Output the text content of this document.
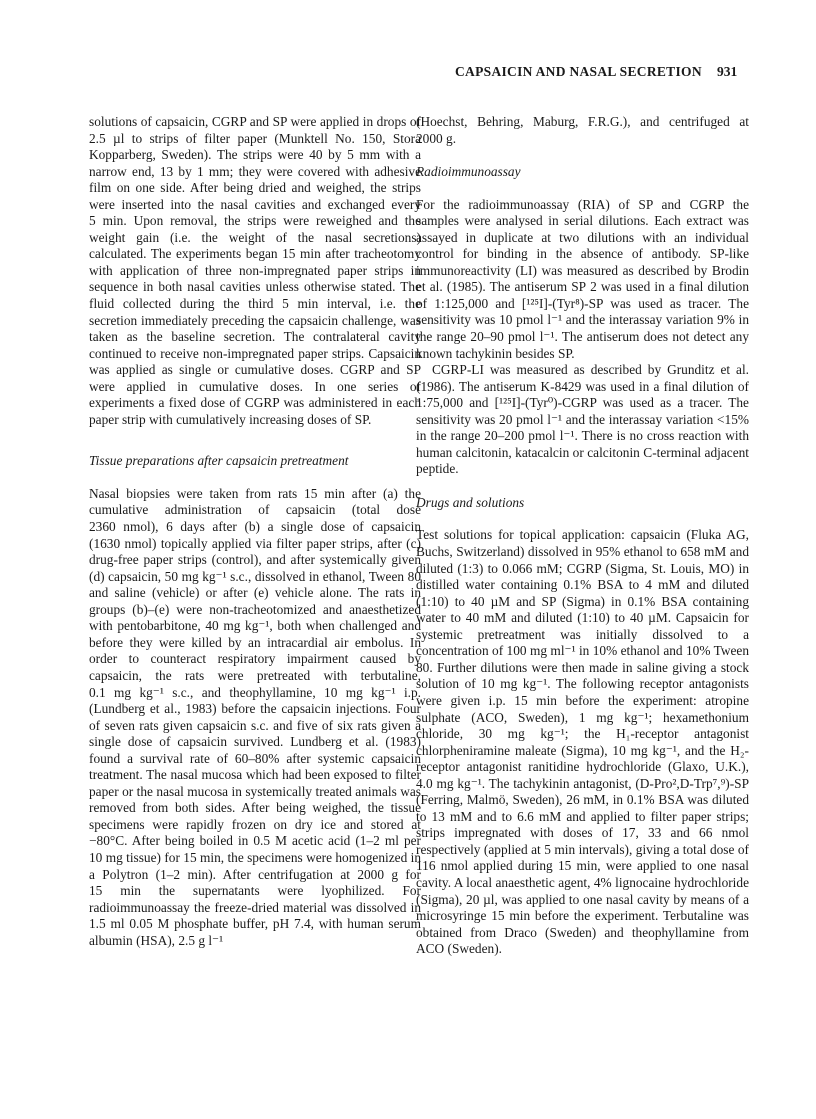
CAPSAICIN AND NASAL SECRETION 931

solutions of capsaicin, CGRP and SP were applied in drops of 2.5 µl to strips of filter paper (Munktell No. 150, Stora Kopparberg, Sweden). The strips were 40 by 5 mm with a narrow end, 13 by 1 mm; they were covered with adhesive film on one side. After being dried and weighed, the strips were inserted into the nasal cavities and exchanged every 5 min. Upon removal, the strips were reweighed and the weight gain (i.e. the weight of the nasal secretions) calculated. The experiments began 15 min after tracheotomy with application of three non-impregnated paper strips in sequence in both nasal cavities unless otherwise stated. The fluid collected during the third 5 min interval, i.e. the secretion immediately preceding the capsaicin challenge, was taken as the baseline secretion. The contralateral cavity continued to receive non-impregnated paper strips. Capsaicin was applied as single or cumulative doses. CGRP and SP were applied in cumulative doses. In one series of experiments a fixed dose of CGRP was administered in each paper strip with cumulatively increasing doses of SP.

Tissue preparations after capsaicin pretreatment

Nasal biopsies were taken from rats 15 min after (a) the cumulative administration of capsaicin (total dose 2360 nmol), 6 days after (b) a single dose of capsaicin (1630 nmol) topically applied via filter paper strips, after (c) drug-free paper strips (control), and after systemically given (d) capsaicin, 50 mg kg⁻¹ s.c., dissolved in ethanol, Tween 80 and saline (vehicle) or after (e) vehicle alone. The rats in groups (b)–(e) were non-tracheotomized and anaesthetized with pentobarbitone, 40 mg kg⁻¹, both when challenged and before they were killed by an intracardial air embolus. In order to counteract respiratory impairment caused by capsaicin, the rats were pretreated with terbutaline, 0.1 mg kg⁻¹ s.c., and theophyllamine, 10 mg kg⁻¹ i.p. (Lundberg et al., 1983) before the capsaicin injections. Four of seven rats given capsaicin s.c. and five of six rats given a single dose of capsaicin survived. Lundberg et al. (1983) found a survival rate of 60–80% after systemic capsaicin treatment. The nasal mucosa which had been exposed to filter paper or the nasal mucosa in systemically treated animals was removed from both sides. After being weighed, the tissue specimens were rapidly frozen on dry ice and stored at −80°C. After being boiled in 0.5 M acetic acid (1–2 ml per 10 mg tissue) for 15 min, the specimens were homogenized in a Polytron (1–2 min). After centrifugation at 2000 g for 15 min the supernatants were lyophilized. For radioimmunoassay the freeze-dried material was dissolved in 1.5 ml 0.05 M phosphate buffer, pH 7.4, with human serum albumin (HSA), 2.5 g l⁻¹

(Hoechst, Behring, Maburg, F.R.G.), and centrifuged at 2000 g.

Radioimmunoassay

For the radioimmunoassay (RIA) of SP and CGRP the samples were analysed in serial dilutions. Each extract was assayed in duplicate at two dilutions with an individual control for binding in the absence of antibody. SP-like immunoreactivity (LI) was measured as described by Brodin et al. (1985). The antiserum SP 2 was used in a final dilution of 1:125,000 and [¹²⁵I]-(Tyr⁸)-SP was used as tracer. The sensitivity was 10 pmol l⁻¹ and the interassay variation 9% in the range 20–90 pmol l⁻¹. The antiserum does not detect any known tachykinin besides SP.

CGRP-LI was measured as described by Grunditz et al. (1986). The antiserum K-8429 was used in a final dilution of 1:75,000 and [¹²⁵I]-(Tyr⁰)-CGRP was used as a tracer. The sensitivity was 20 pmol l⁻¹ and the interassay variation <15% in the range 20–200 pmol l⁻¹. There is no cross reaction with human calcitonin, katacalcin or calcitonin C-terminal adjacent peptide.

Drugs and solutions

Test solutions for topical application: capsaicin (Fluka AG, Buchs, Switzerland) dissolved in 95% ethanol to 658 mM and diluted (1:3) to 0.066 mM; CGRP (Sigma, St. Louis, MO) in distilled water containing 0.1% BSA to 4 mM and diluted (1:10) to 40 µM and SP (Sigma) in 0.1% BSA containing water to 40 mM and diluted (1:10) to 40 µM. Capsaicin for systemic pretreatment was initially dissolved to a concentration of 100 mg ml⁻¹ in 10% ethanol and 10% Tween 80. Further dilutions were then made in saline giving a stock solution of 10 mg kg⁻¹. The following receptor antagonists were given i.p. 15 min before the experiment: atropine sulphate (ACO, Sweden), 1 mg kg⁻¹; hexamethonium chloride, 30 mg kg⁻¹; the H₁-receptor antagonist chlorpheniramine maleate (Sigma), 10 mg kg⁻¹, and the H₂-receptor antagonist ranitidine hydrochloride (Glaxo, U.K.), 4.0 mg kg⁻¹. The tachykinin antagonist, (D-Pro²,D-Trp⁷,⁹)-SP (Ferring, Malmö, Sweden), 26 mM, in 0.1% BSA was diluted to 13 mM and to 6.6 mM and applied to filter paper strips; strips impregnated with doses of 17, 33 and 66 nmol respectively (applied at 5 min intervals), giving a total dose of 116 nmol applied during 15 min, were applied to one nasal cavity. A local anaesthetic agent, 4% lignocaine hydrochloride (Sigma), 20 µl, was applied to one nasal cavity by means of a microsyringe 15 min before the experiment. Terbutaline was obtained from Draco (Sweden) and theophyllamine from ACO (Sweden).
